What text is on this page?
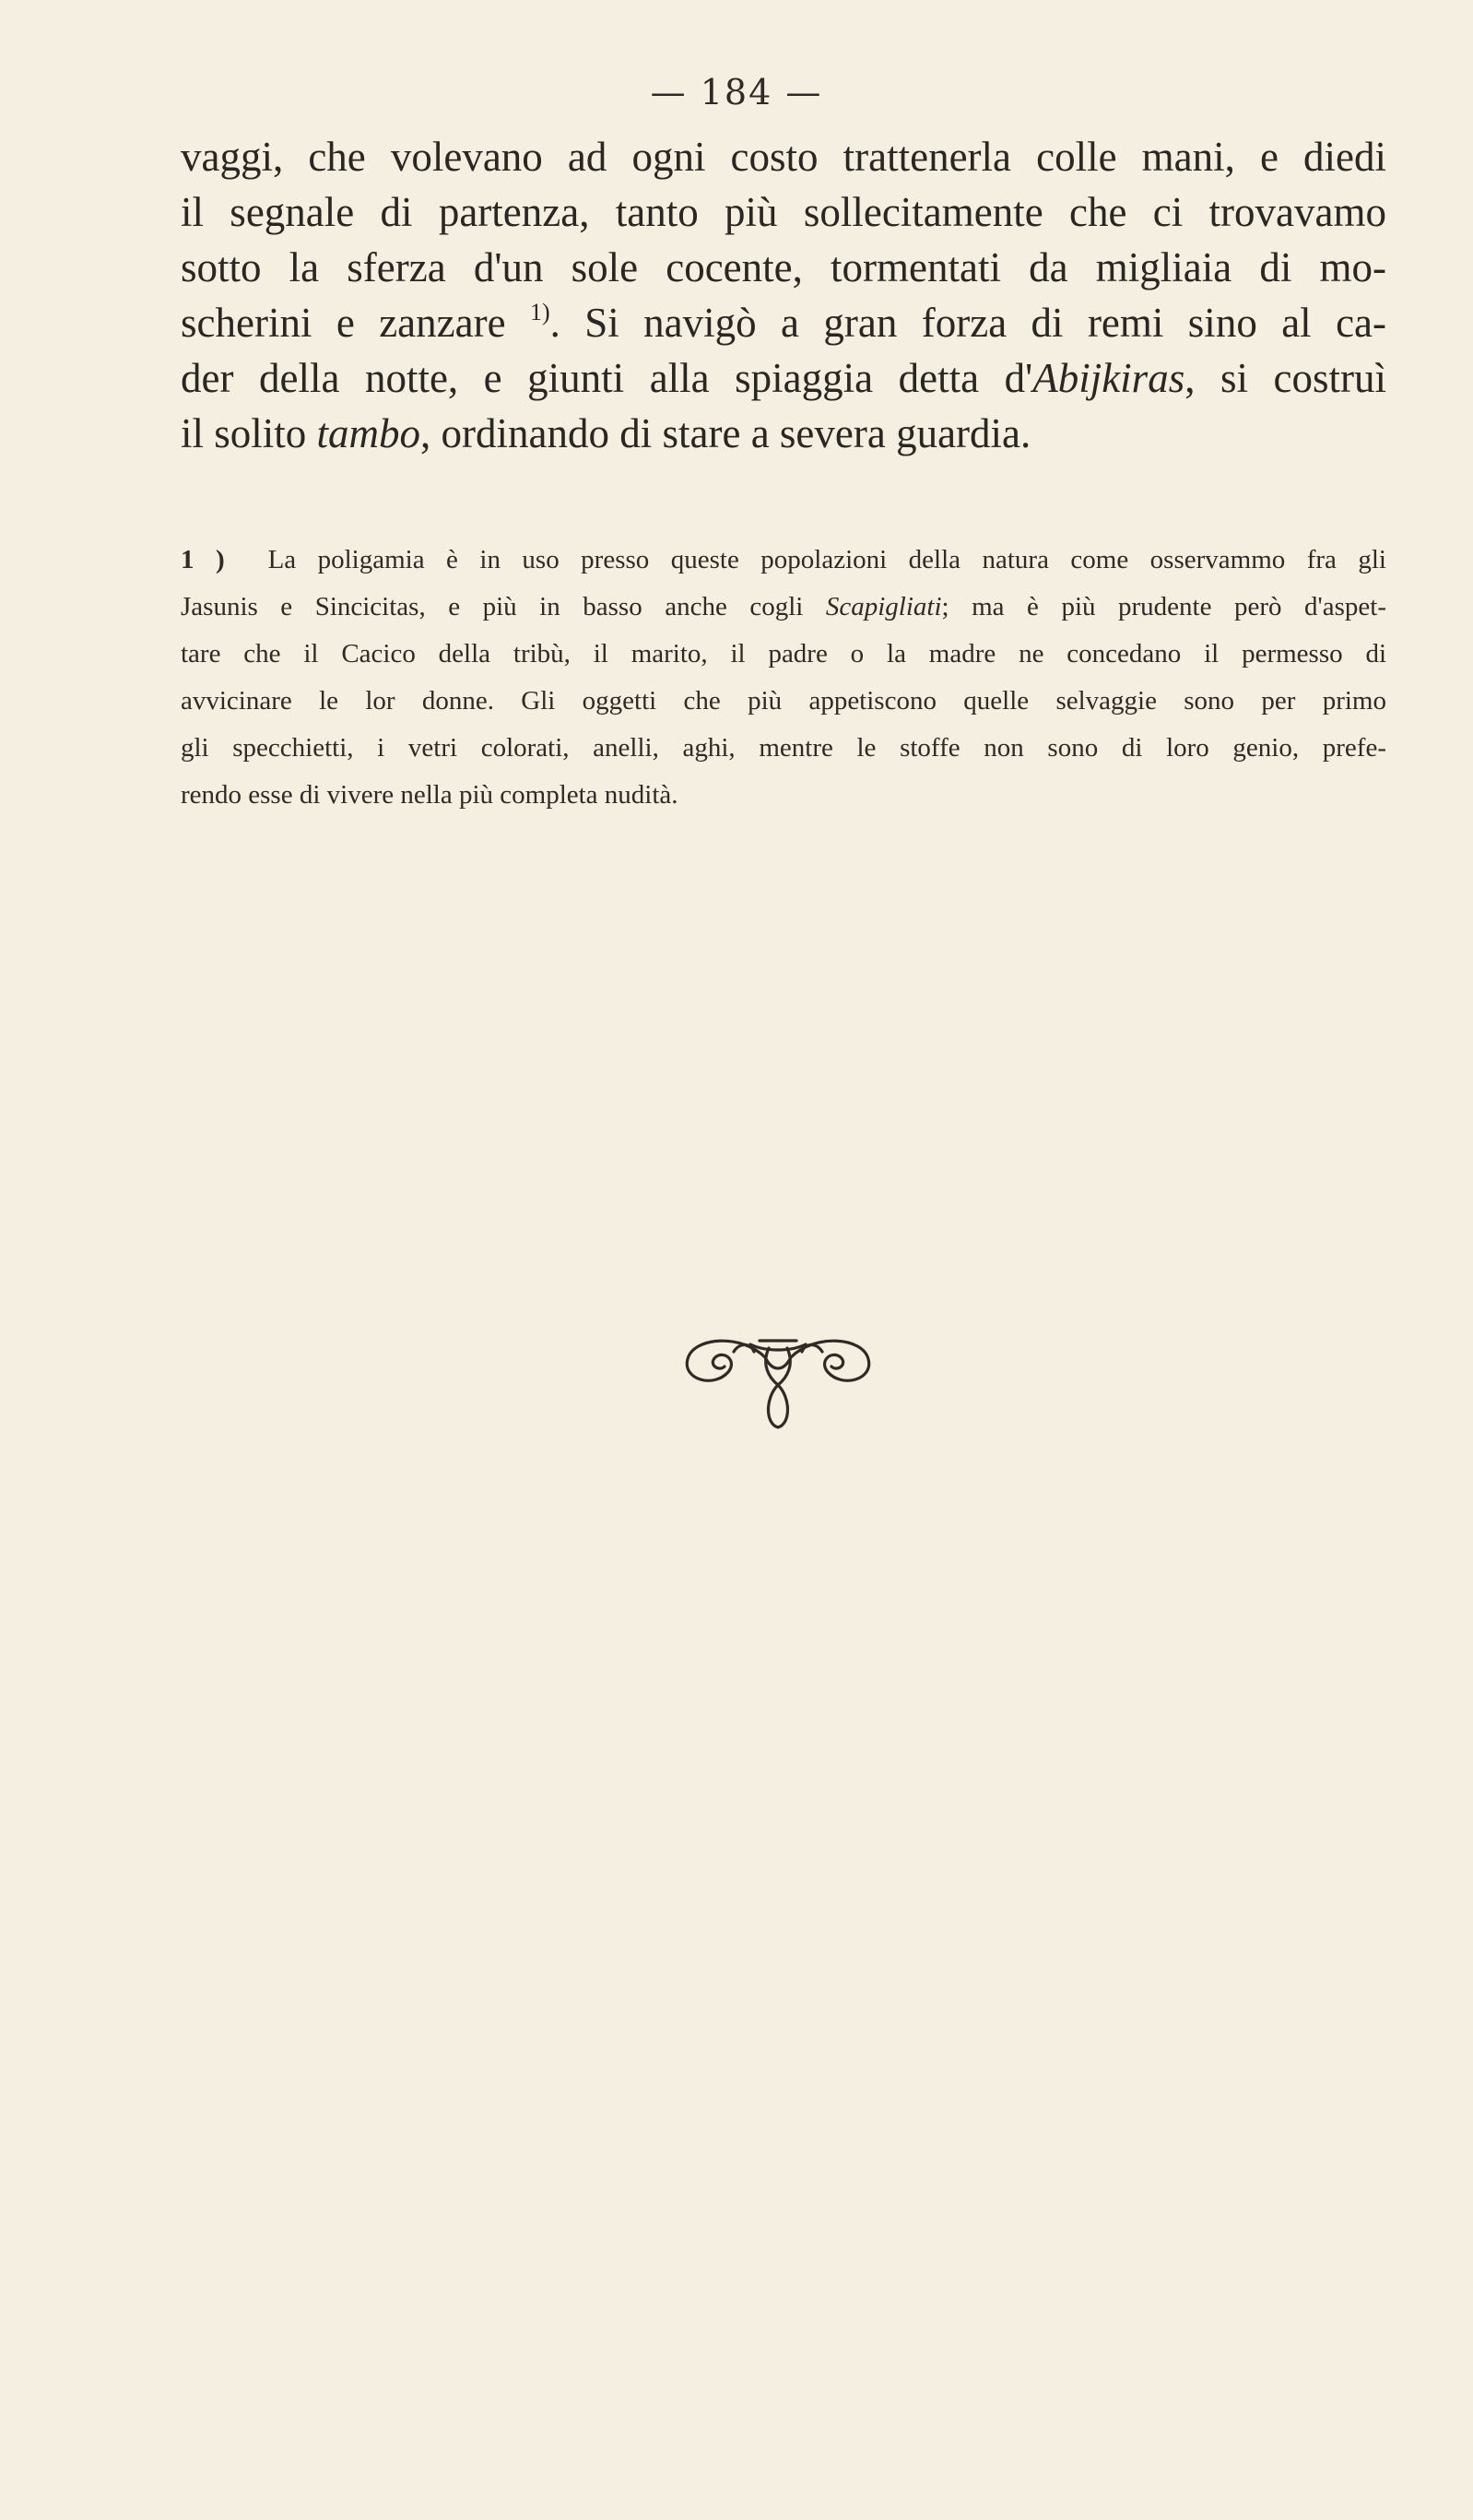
— 184 —
vaggi, che volevano ad ogni costo trattenerla colle mani, e diedi
il segnale di partenza, tanto più sollecitamente che ci trovavamo
sotto la sferza d'un sole cocente, tormentati da migliaia di mo-
scherini e zanzare $^{1)}$. Si navigò a gran forza di remi sino al ca-
der della notte, e giunti alla spiaggia detta d'Abijkiras, si costruì
il solito tambo, ordinando di stare a severa guardia.
1 ) La poligamia è in uso presso queste popolazioni della natura come osservammo fra gli
Jasunis e Sincicitas, e più in basso anche cogli Scapigliati; ma è più prudente però d'aspet-
tare che il Cacico della tribù, il marito, il padre o la madre ne concedano il permesso di
avvicinare le lor donne. Gli oggetti che più appetiscono quelle selvaggie sono per primo
gli specchietti, i vetri colorati, anelli, aghi, mentre le stoffe non sono di loro genio, prefe-
rendo esse di vivere nella più completa nudità.
